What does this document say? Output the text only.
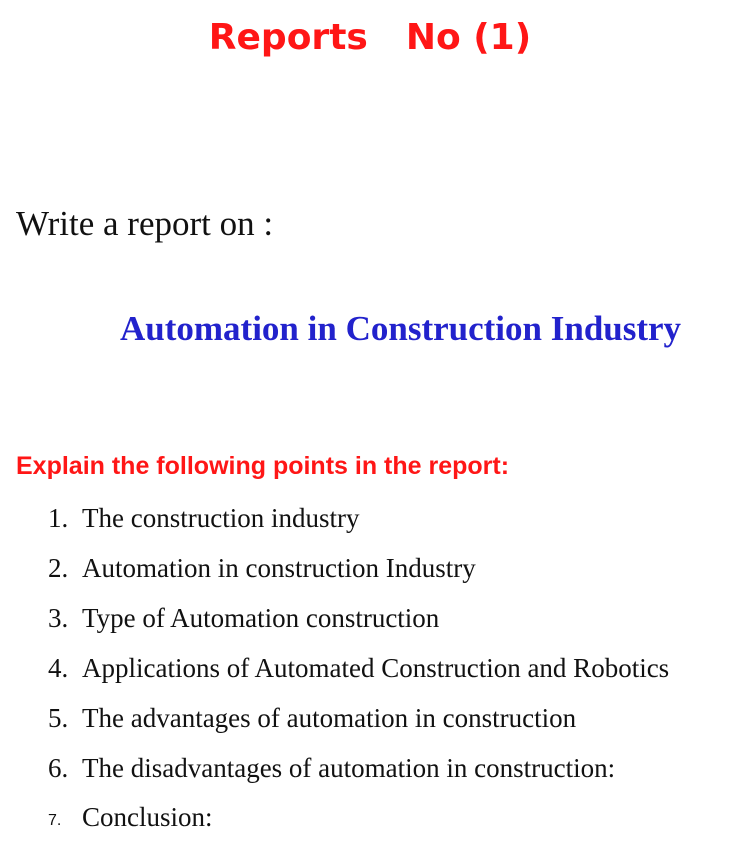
Reports No (1)
Write a report on :
Automation in Construction Industry
Explain the following points in the report:
1. The construction industry
2. Automation in construction Industry
3. Type of Automation construction
4. Applications of Automated Construction and Robotics
5. The advantages of automation in construction
6. The disadvantages of automation in construction:
7. Conclusion:
